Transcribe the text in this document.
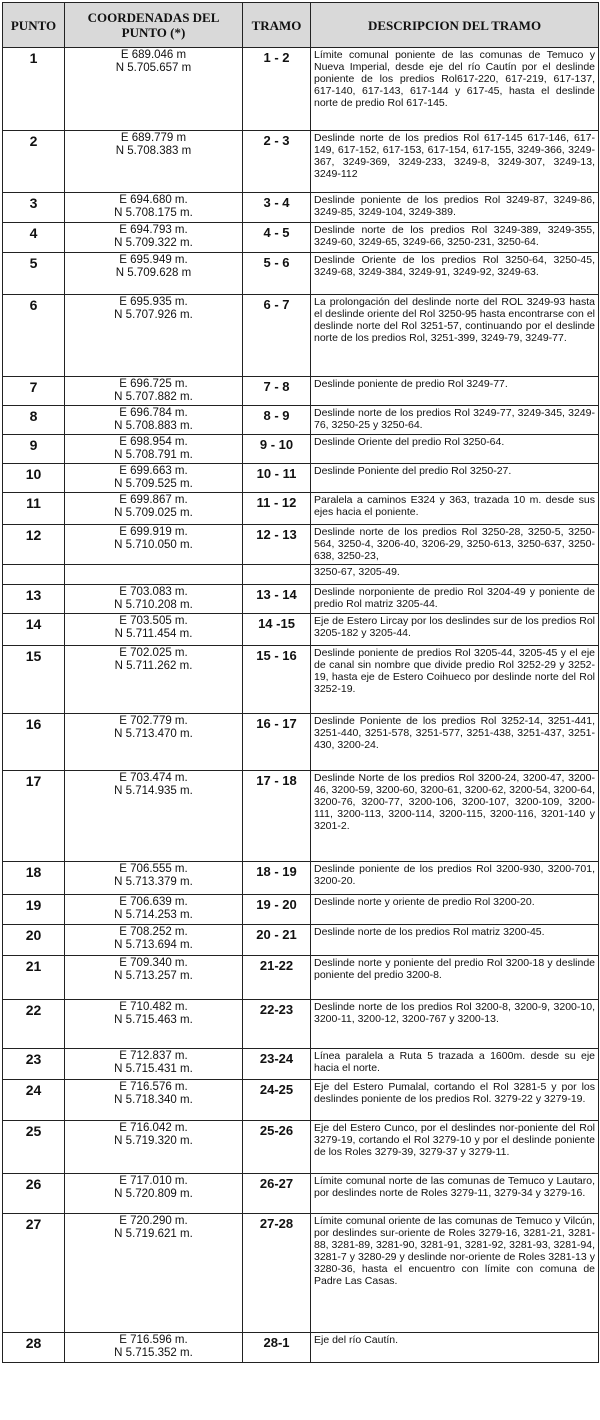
PUNTO	COORDENADAS DEL PUNTO (*)	TRAMO	DESCRIPCION DEL TRAMO
1	E 689.046 m
N 5.705.657 m	1 - 2	Límite comunal poniente de las comunas de Temuco y Nueva Imperial, desde eje del río Cautín por el deslinde poniente de los predios Rol617-220, 617-219, 617-137, 617-140, 617-143, 617-144 y 617-45, hasta el deslinde norte de predio Rol 617-145.
2	E 689.779 m
N 5.708.383 m	2 - 3	Deslinde norte de los predios Rol 617-145 617-146, 617-149, 617-152, 617-153, 617-154, 617-155, 3249-366, 3249-367, 3249-369, 3249-233, 3249-8, 3249-307, 3249-13, 3249-112
3	E 694.680 m.
N 5.708.175 m.	3 - 4	Deslinde poniente de los predios Rol 3249-87, 3249-86, 3249-85, 3249-104, 3249-389.
4	E 694.793 m.
N 5.709.322 m.	4 - 5	Deslinde norte de los predios Rol 3249-389, 3249-355, 3249-60, 3249-65, 3249-66, 3250-231, 3250-64.
5	E 695.949 m.
N 5.709.628 m	5 - 6	Deslinde Oriente de los predios Rol 3250-64, 3250-45, 3249-68, 3249-384, 3249-91, 3249-92, 3249-63.
6	E 695.935 m.
N 5.707.926 m.	6 - 7	La prolongación del deslinde norte del ROL 3249-93 hasta el deslinde oriente del Rol 3250-95 hasta encontrarse con el deslinde norte del Rol 3251-57, continuando por el deslinde norte de los predios Rol, 3251-399, 3249-79, 3249-77.
7	E 696.725 m.
N 5.707.882 m.	7 - 8	Deslinde poniente de predio Rol 3249-77.
8	E 696.784 m.
N 5.708.883 m.	8 - 9	Deslinde norte de los predios Rol 3249-77, 3249-345, 3249-76, 3250-25 y 3250-64.
9	E 698.954 m.
N 5.708.791 m.	9 - 10	Deslinde Oriente del predio Rol 3250-64.
10	E 699.663 m.
N 5.709.525 m.	10 - 11	Deslinde Poniente del predio Rol 3250-27.
11	E 699.867 m.
N 5.709.025 m.	11 - 12	Paralela a caminos E324 y 363, trazada 10 m. desde sus ejes hacia el poniente.
12	E 699.919 m.
N 5.710.050 m.	12 - 13	Deslinde norte de los predios Rol 3250-28, 3250-5, 3250-564, 3250-4, 3206-40, 3206-29, 3250-613, 3250-637, 3250-638, 3250-23,

		3250-67, 3205-49.
13	E 703.083 m.
N 5.710.208 m.	13 - 14	Deslinde norponiente de predio Rol 3204-49 y poniente de predio Rol matriz 3205-44.
14	E 703.505 m.
N 5.711.454 m.	14 -15	Eje de Estero Lircay por los deslindes sur de los predios Rol 3205-182 y 3205-44.
15	E 702.025 m.
N 5.711.262 m.	15 - 16	Deslinde poniente de predios Rol 3205-44, 3205-45 y el eje de canal sin nombre que divide predio Rol 3252-29 y 3252-19, hasta eje de Estero Coihueco por deslinde norte del Rol 3252-19.
16	E 702.779 m.
N 5.713.470 m.	16 - 17	Deslinde Poniente de los predios Rol 3252-14, 3251-441, 3251-440, 3251-578, 3251-577, 3251-438, 3251-437, 3251-430, 3200-24.
17	E 703.474 m.
N 5.714.935 m.	17 - 18	Deslinde Norte de los predios Rol 3200-24, 3200-47, 3200-46, 3200-59, 3200-60, 3200-61, 3200-62, 3200-54, 3200-64, 3200-76, 3200-77, 3200-106, 3200-107, 3200-109, 3200-111, 3200-113, 3200-114, 3200-115, 3200-116, 3201-140 y 3201-2.
18	E 706.555 m.
N 5.713.379 m.	18 - 19	Deslinde poniente de los predios Rol 3200-930, 3200-701, 3200-20.
19	E 706.639 m.
N 5.714.253 m.	19 - 20	Deslinde norte y oriente de predio Rol 3200-20.
20	E 708.252 m.
N 5.713.694 m.	20 - 21	Deslinde norte de los predios Rol matriz 3200-45.
21	E 709.340 m.
N 5.713.257 m.	21-22	Deslinde norte y poniente del predio Rol 3200-18 y deslinde poniente del predio 3200-8.
22	E 710.482 m.
N 5.715.463 m.	22-23	Deslinde norte de los predios Rol 3200-8, 3200-9, 3200-10, 3200-11, 3200-12, 3200-767 y 3200-13.
23	E 712.837 m.
N 5.715.431 m.	23-24	Línea paralela a Ruta 5 trazada a 1600m. desde su eje hacia el norte.
24	E 716.576 m.
N 5.718.340 m.	24-25	Eje del Estero Pumalal, cortando el Rol 3281-5 y por los deslindes poniente de los predios Rol. 3279-22 y 3279-19.
25	E 716.042 m.
N 5.719.320 m.	25-26	Eje del Estero Cunco, por el deslindes nor-poniente del Rol 3279-19, cortando el Rol 3279-10 y por el deslinde poniente de los Roles 3279-39, 3279-37 y 3279-11.
26	E 717.010 m.
N 5.720.809 m.	26-27	Límite comunal norte de las comunas de Temuco y Lautaro, por deslindes norte de Roles 3279-11, 3279-34 y 3279-16.
27	E 720.290 m.
N 5.719.621 m.	27-28	Límite comunal oriente de las comunas de Temuco y Vilcún, por deslindes sur-oriente de Roles 3279-16, 3281-21, 3281-88, 3281-89, 3281-90, 3281-91, 3281-92, 3281-93, 3281-94, 3281-7 y 3280-29 y deslinde nor-oriente de Roles 3281-13 y 3280-36, hasta el encuentro con límite con comuna de Padre Las Casas.
28	E 716.596 m.
N 5.715.352 m.	28-1	Eje del río Cautín.
